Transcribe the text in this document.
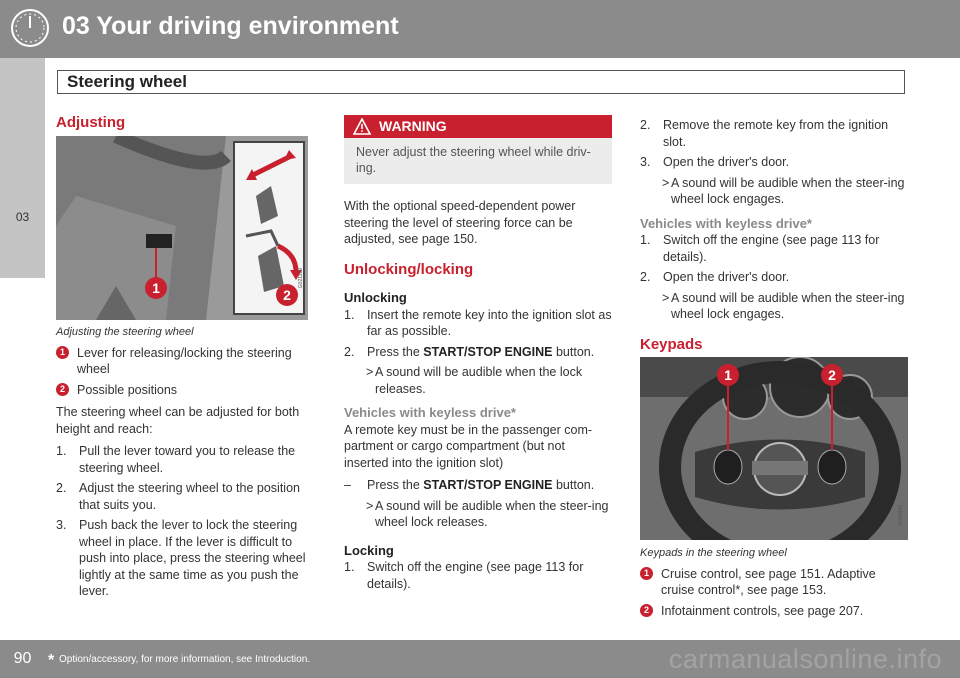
03 Your driving environment
03
Steering wheel
Adjusting
1	2
G021109
Adjusting the steering wheel
1 Lever for releasing/locking the steering wheel
2 Possible positions
The steering wheel can be adjusted for both height and reach:
1. Pull the lever toward you to release the steering wheel.
2. Adjust the steering wheel to the position that suits you.
3. Push back the lever to lock the steering wheel in place. If the lever is difficult to push into place, press the steering wheel lightly at the same time as you push the lever.
WARNING
Never adjust the steering wheel while driv-ing.
With the optional speed-dependent power steering the level of steering force can be adjusted, see page 150.
Unlocking/locking
Unlocking
1. Insert the remote key into the ignition slot as far as possible.
2. Press the START/STOP ENGINE button.
> A sound will be audible when the lock releases.
Vehicles with keyless drive*
A remote key must be in the passenger com-partment or cargo compartment (but not inserted into the ignition slot)
– Press the START/STOP ENGINE button.
> A sound will be audible when the steer-ing wheel lock releases.
Locking
1. Switch off the engine (see page 113 for details).
2. Remove the remote key from the ignition slot.
3. Open the driver's door.
> A sound will be audible when the steer-ing wheel lock engages.
Vehicles with keyless drive*
1. Switch off the engine (see page 113 for details).
2. Open the driver's door.
> A sound will be audible when the steer-ing wheel lock engages.
Keypads
1	2
G040346
Keypads in the steering wheel
1 Cruise control, see page 151. Adaptive cruise control*, see page 153.
2 Infotainment controls, see page 207.
90	* Option/accessory, for more information, see Introduction.	carmanualsonline.info
